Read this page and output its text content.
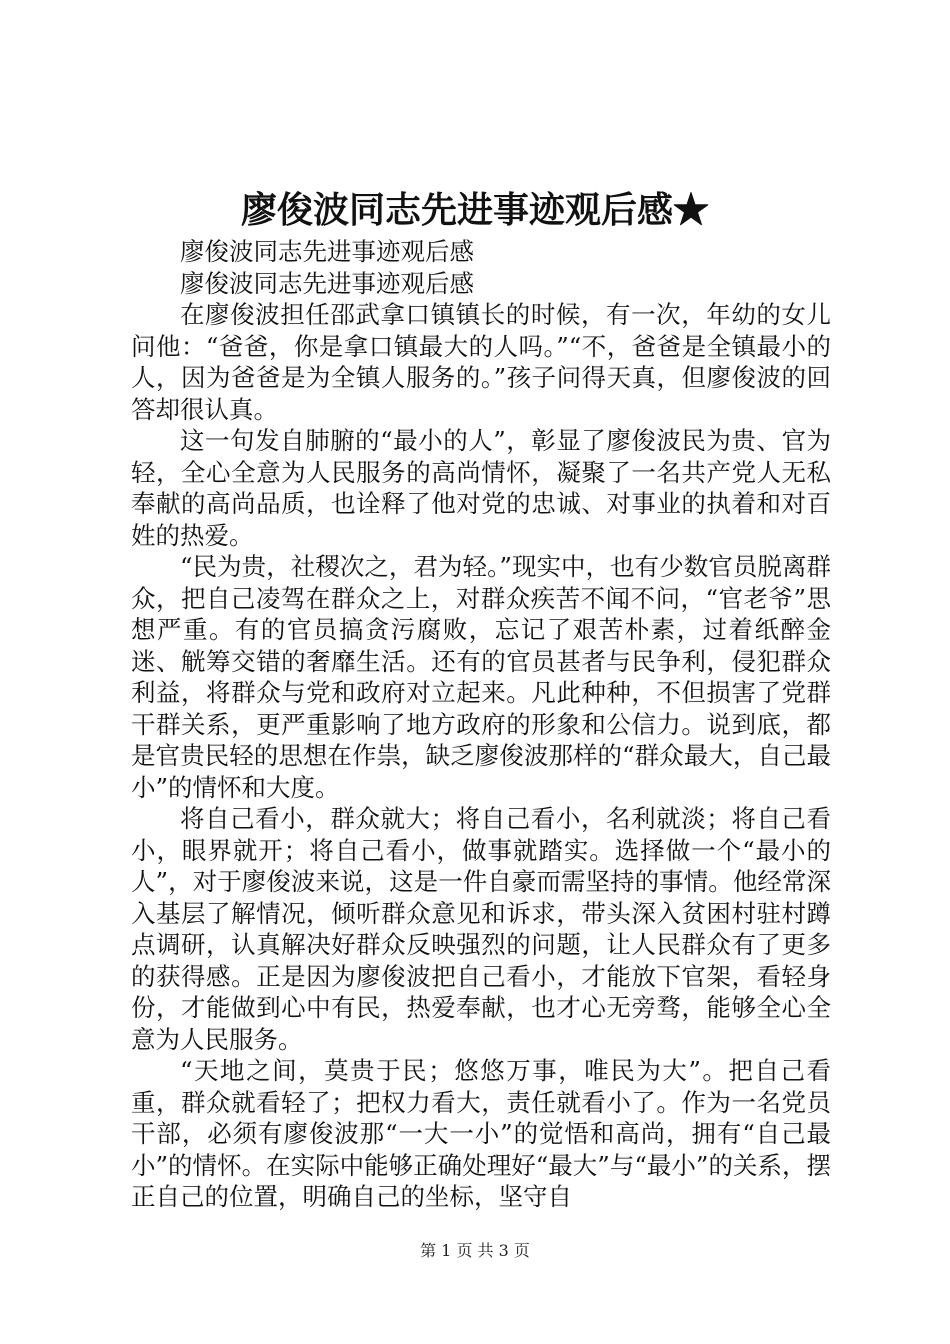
廖俊波同志先进事迹观后感★

廖俊波同志先进事迹观后感

廖俊波同志先进事迹观后感

在廖俊波担任邵武拿口镇镇长的时候，有一次，年幼的女儿问他：“爸爸，你是拿口镇最大的人吗。”“不，爸爸是全镇最小的人，因为爸爸是为全镇人服务的。”孩子问得天真，但廖俊波的回答却很认真。

这一句发自肺腑的“最小的人”，彰显了廖俊波民为贵、官为轻，全心全意为人民服务的高尚情怀，凝聚了一名共产党人无私奉献的高尚品质，也诠释了他对党的忠诚、对事业的执着和对百姓的热爱。

“民为贵，社稷次之，君为轻。”现实中，也有少数官员脱离群众，把自己凌驾在群众之上，对群众疾苦不闻不问，“官老爷”思想严重。有的官员搞贪污腐败，忘记了艰苦朴素，过着纸醉金迷、觥筹交错的奢靡生活。还有的官员甚者与民争利，侵犯群众利益，将群众与党和政府对立起来。凡此种种，不但损害了党群干群关系，更严重影响了地方政府的形象和公信力。说到底，都是官贵民轻的思想在作祟，缺乏廖俊波那样的“群众最大，自己最小”的情怀和大度。

将自己看小，群众就大；将自己看小，名利就淡；将自己看小，眼界就开；将自己看小，做事就踏实。选择做一个“最小的人”，对于廖俊波来说，这是一件自豪而需坚持的事情。他经常深入基层了解情况，倾听群众意见和诉求，带头深入贫困村驻村蹲点调研，认真解决好群众反映强烈的问题，让人民群众有了更多的获得感。正是因为廖俊波把自己看小，才能放下官架，看轻身份，才能做到心中有民，热爱奉献，也才心无旁骛，能够全心全意为人民服务。

“天地之间，莫贵于民；悠悠万事，唯民为大”。把自己看重，群众就看轻了；把权力看大，责任就看小了。作为一名党员干部，必须有廖俊波那“一大一小”的觉悟和高尚，拥有“自己最小”的情怀。在实际中能够正确处理好“最大”与“最小”的关系，摆正自己的位置，明确自己的坐标，坚守自

第 1 页 共 3 页
